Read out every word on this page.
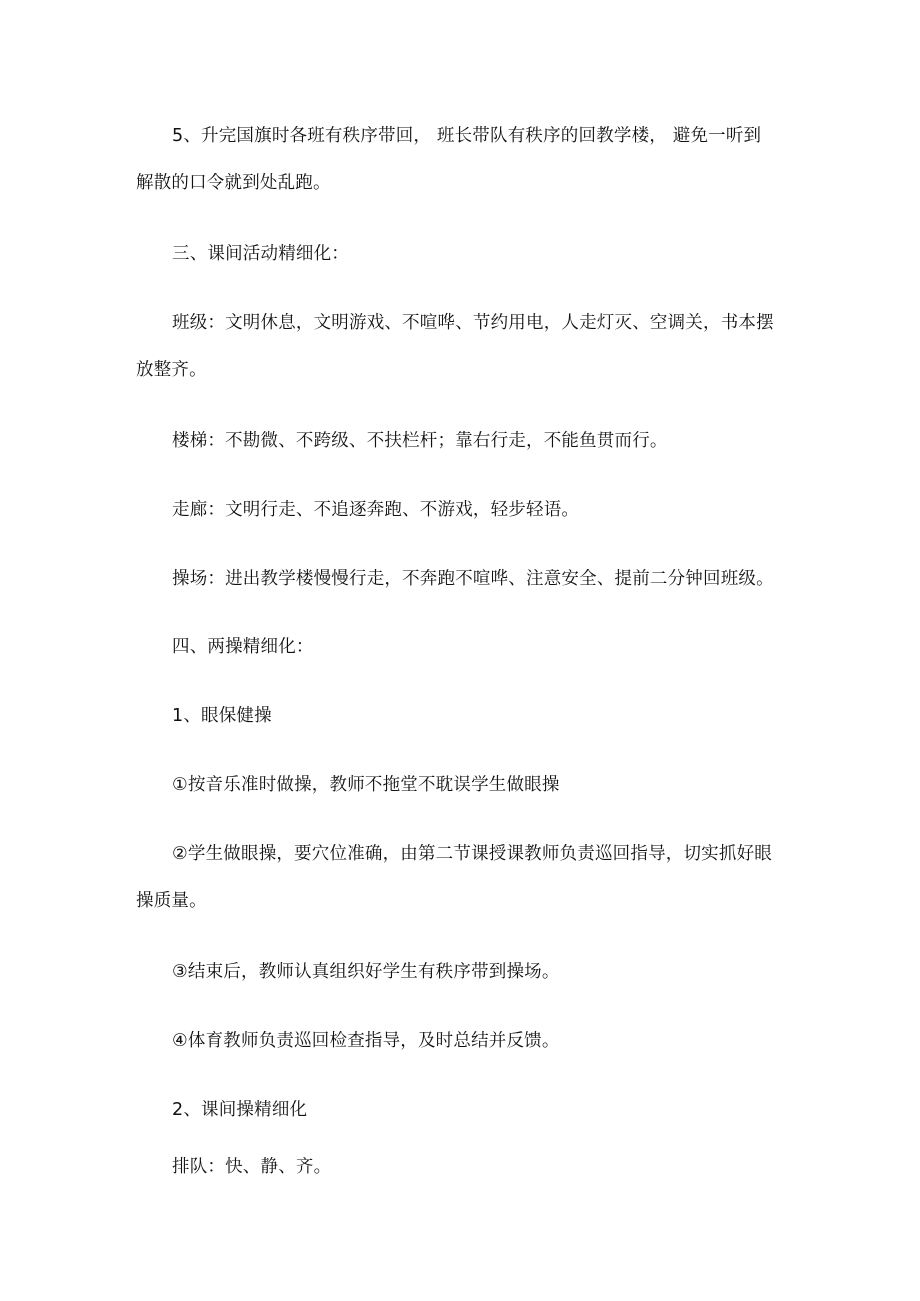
5、升完国旗时各班有秩序带回， 班长带队有秩序的回教学楼， 避免一听到解散的口令就到处乱跑。

三、课间活动精细化：

班级：文明休息，文明游戏、不喧哗、节约用电，人走灯灭、空调关，书本摆放整齐。

楼梯：不勘微、不跨级、不扶栏杆；靠右行走，不能鱼贯而行。

走廊：文明行走、不追逐奔跑、不游戏，轻步轻语。

操场：进出教学楼慢慢行走，不奔跑不喧哗、注意安全、提前二分钟回班级。

四、两操精细化：

1、眼保健操

①按音乐准时做操，教师不拖堂不耽误学生做眼操

②学生做眼操，要穴位准确，由第二节课授课教师负责巡回指导，切实抓好眼操质量。

③结束后，教师认真组织好学生有秩序带到操场。

④体育教师负责巡回检查指导，及时总结并反馈。

2、课间操精细化

排队：快、静、齐。
